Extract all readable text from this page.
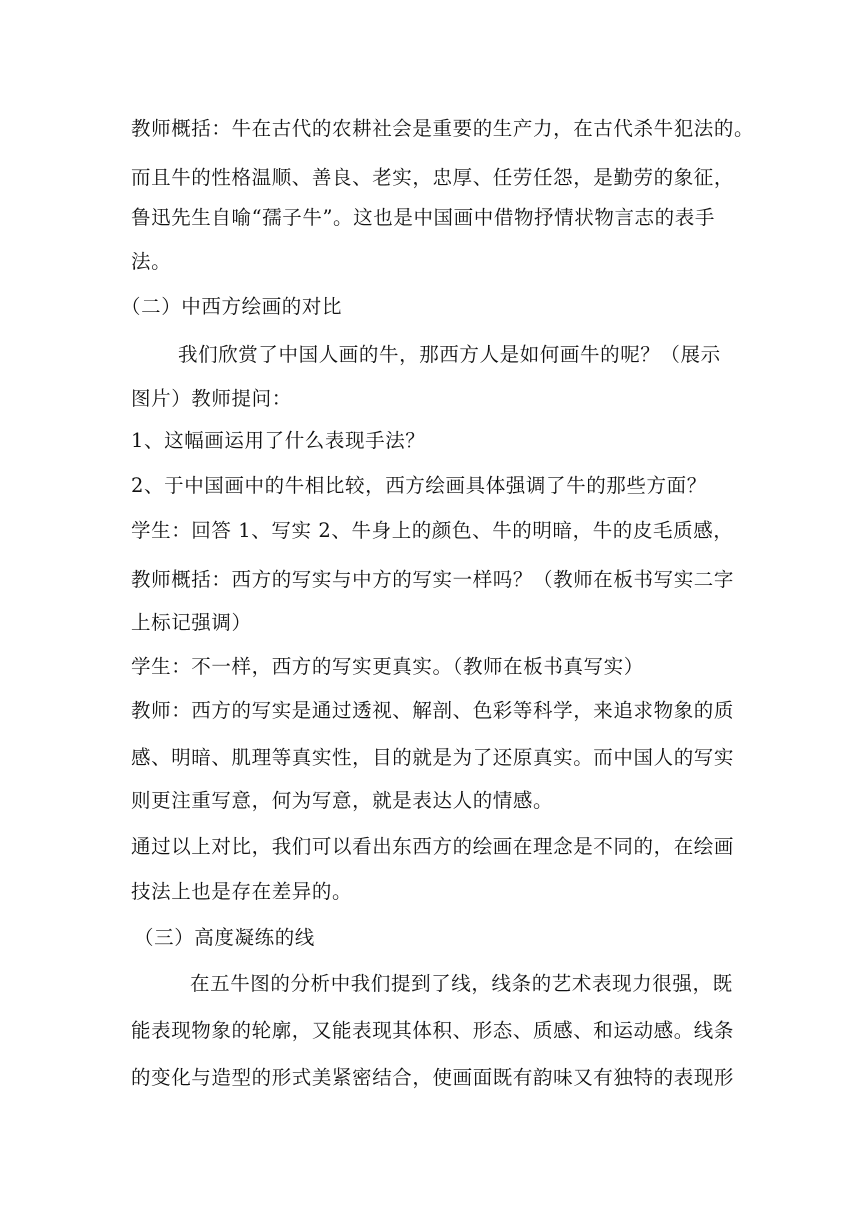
教师概括：牛在古代的农耕社会是重要的生产力，在古代杀牛犯法的。
而且牛的性格温顺、善良、老实，忠厚、任劳任怨，是勤劳的象征，
鲁迅先生自喻“孺子牛”。这也是中国画中借物抒情状物言志的表手
法。
（二）中西方绘画的对比
我们欣赏了中国人画的牛，那西方人是如何画牛的呢？（展示
图片）教师提问：
1、这幅画运用了什么表现手法？
2、于中国画中的牛相比较，西方绘画具体强调了牛的那些方面？
学生：回答 1、写实 2、牛身上的颜色、牛的明暗，牛的皮毛质感，
教师概括：西方的写实与中方的写实一样吗？（教师在板书写实二字
上标记强调）
学生：不一样，西方的写实更真实。（教师在板书真写实）
教师：西方的写实是通过透视、解剖、色彩等科学，来追求物象的质
感、明暗、肌理等真实性，目的就是为了还原真实。而中国人的写实
则更注重写意，何为写意，就是表达人的情感。
通过以上对比，我们可以看出东西方的绘画在理念是不同的，在绘画
技法上也是存在差异的。
（三）高度凝练的线
在五牛图的分析中我们提到了线，线条的艺术表现力很强，既
能表现物象的轮廓，又能表现其体积、形态、质感、和运动感。线条
的变化与造型的形式美紧密结合，使画面既有韵味又有独特的表现形
